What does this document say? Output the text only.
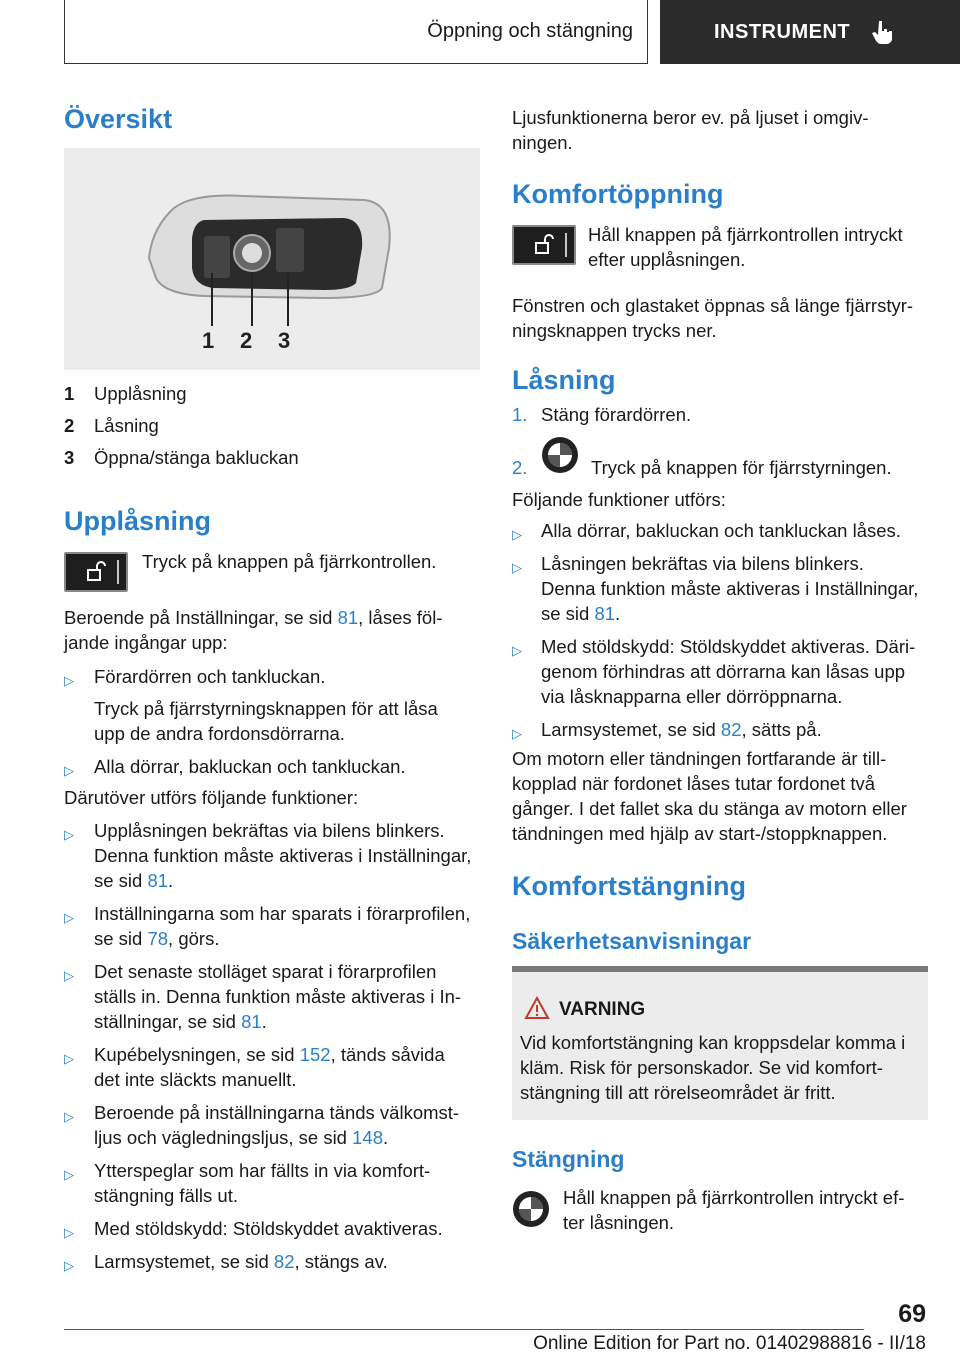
Öppning och stängning	INSTRUMENT
Översikt
1 2 3
1 Upplåsning
2 Låsning
3 Öppna/stänga bakluckan
Upplåsning
Tryck på knappen på fjärrkontrollen.
Beroende på Inställningar, se sid 81, låses föl-
jande ingångar upp:
▷ Förardörren och tankluckan.
Tryck på fjärrstyrningsknappen för att låsa
upp de andra fordonsdörrarna.
▷ Alla dörrar, bakluckan och tankluckan.
Därutöver utförs följande funktioner:
▷ Upplåsningen bekräftas via bilens blinkers.
Denna funktion måste aktiveras i Inställningar,
se sid 81.
▷ Inställningarna som har sparats i förarprofilen,
se sid 78, görs.
▷ Det senaste stolläget sparat i förarprofilen
ställs in. Denna funktion måste aktiveras i In-
ställningar, se sid 81.
▷ Kupébelysningen, se sid 152, tänds såvida
det inte släckts manuellt.
▷ Beroende på inställningarna tänds välkomst-
ljus och vägledningsljus, se sid 148.
▷ Ytterspeglar som har fällts in via komfort-
stängning fälls ut.
▷ Med stöldskydd: Stöldskyddet avaktiveras.
▷ Larmsystemet, se sid 82, stängs av.
Ljusfunktionerna beror ev. på ljuset i omgiv-
ningen.
Komfortöppning
Håll knappen på fjärrkontrollen intryckt
efter upplåsningen.
Fönstren och glastaket öppnas så länge fjärrstyr-
ningsknappen trycks ner.
Låsning
1. Stäng förardörren.
2.	Tryck på knappen för fjärrstyrningen.
Följande funktioner utförs:
▷ Alla dörrar, bakluckan och tankluckan låses.
▷ Låsningen bekräftas via bilens blinkers.
Denna funktion måste aktiveras i Inställningar,
se sid 81.
▷ Med stöldskydd: Stöldskyddet aktiveras. Däri-
genom förhindras att dörrarna kan låsas upp
via låsknapparna eller dörröppnarna.
▷ Larmsystemet, se sid 82, sätts på.
Om motorn eller tändningen fortfarande är till-
kopplad när fordonet låses tutar fordonet två
gånger. I det fallet ska du stänga av motorn eller
tändningen med hjälp av start-/stoppknappen.
Komfortstängning
Säkerhetsanvisningar
VARNING
Vid komfortstängning kan kroppsdelar komma i
kläm. Risk för personskador. Se vid komfort-
stängning till att rörelseområdet är fritt.
Stängning
Håll knappen på fjärrkontrollen intryckt ef-
ter låsningen.
69
Online Edition for Part no. 01402988816 - II/18
